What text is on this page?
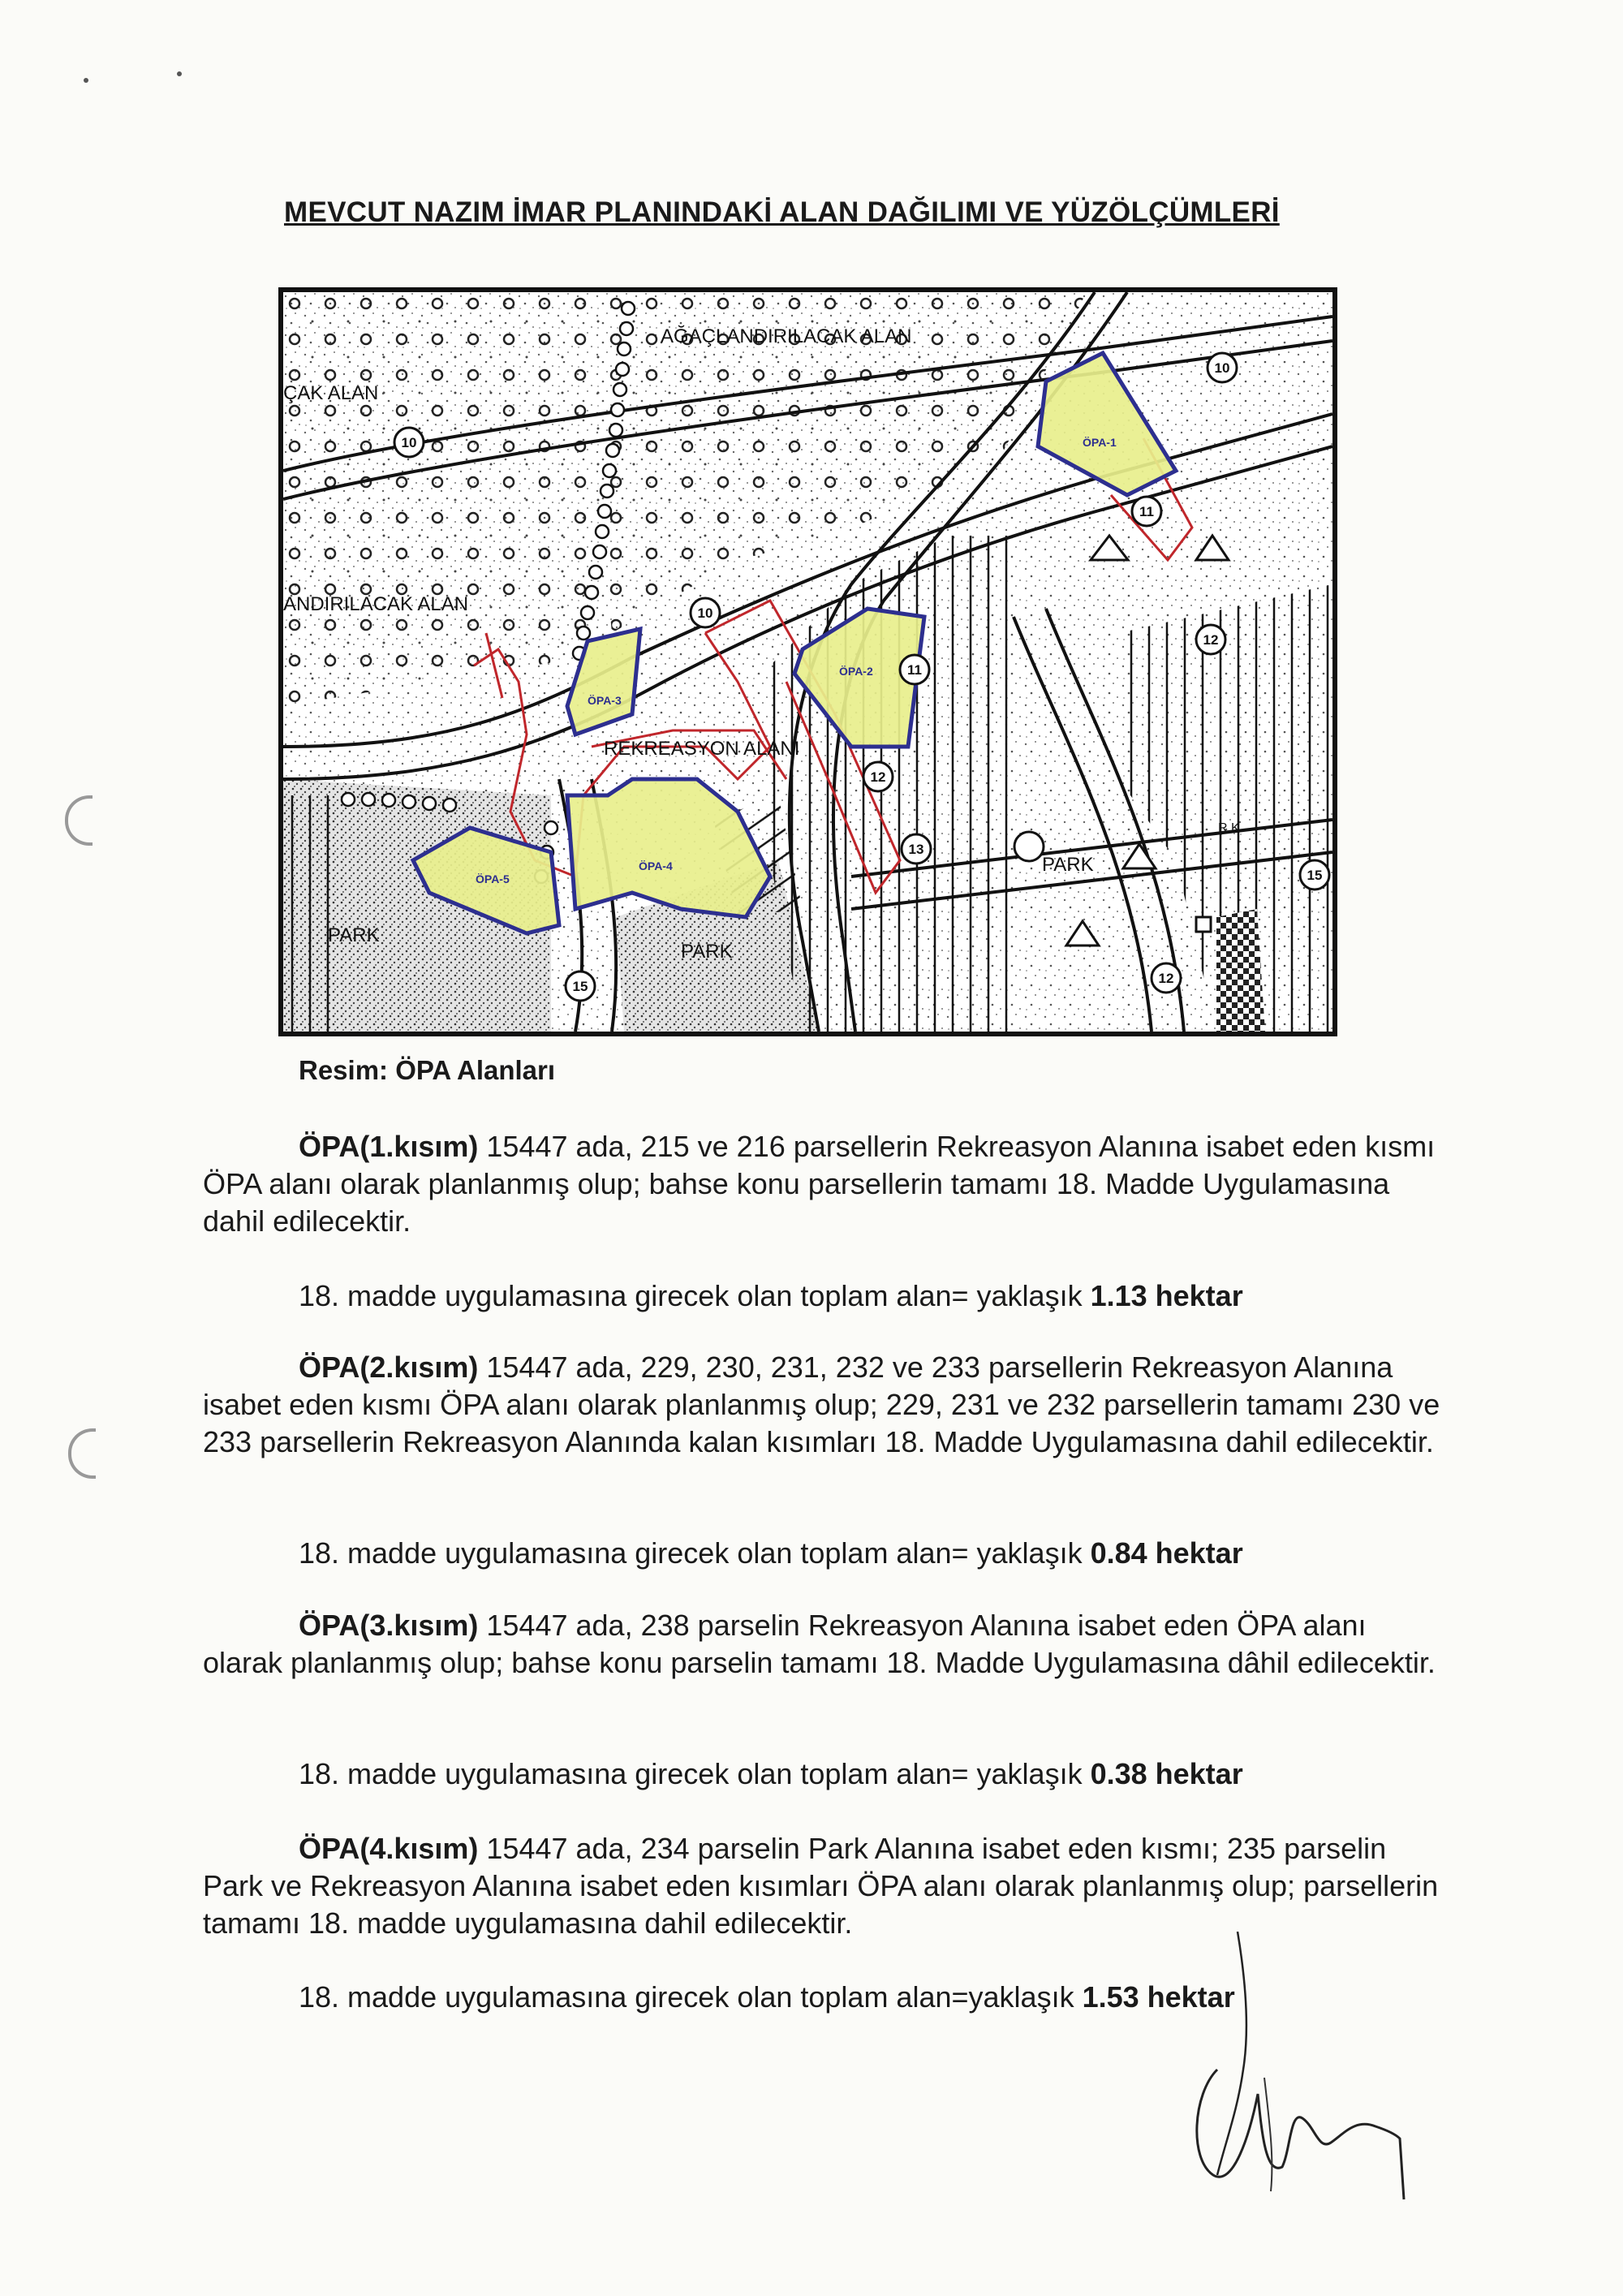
MEVCUT NAZIM İMAR PLANINDAKİ ALAN DAĞILIMI VE YÜZÖLÇÜMLERİ
ÖPA-1
ÖPA-2
ÖPA-3
ÖPA-4
ÖPA-5
10
10
10
11
11
12
12
12
13
15
15
AĞAÇLANDIRILACAK ALAN
ÇAK ALAN
ANDIRILACAK ALAN
REKREASYON ALANI
PARK
PARK
PARK
R.K
Resim: ÖPA Alanları

ÖPA(1.kısım) 15447 ada, 215 ve 216 parsellerin Rekreasyon Alanına isabet eden kısmı ÖPA alanı olarak planlanmış olup; bahse konu parsellerin tamamı 18. Madde Uygulamasına dahil edilecektir.

18. madde uygulamasına girecek olan toplam alan= yaklaşık 1.13 hektar

ÖPA(2.kısım) 15447 ada, 229, 230, 231, 232 ve 233 parsellerin Rekreasyon Alanına isabet eden kısmı ÖPA alanı olarak planlanmış olup; 229, 231 ve 232 parsellerin tamamı 230 ve 233 parsellerin Rekreasyon Alanında kalan kısımları 18. Madde Uygulamasına dahil edilecektir.

18. madde uygulamasına girecek olan toplam alan= yaklaşık 0.84 hektar

ÖPA(3.kısım) 15447 ada, 238 parselin Rekreasyon Alanına isabet eden ÖPA alanı olarak planlanmış olup; bahse konu parselin tamamı 18. Madde Uygulamasına dâhil edilecektir.

18. madde uygulamasına girecek olan toplam alan= yaklaşık 0.38 hektar

ÖPA(4.kısım) 15447 ada, 234 parselin Park Alanına isabet eden kısmı; 235 parselin Park ve Rekreasyon Alanına isabet eden kısımları ÖPA alanı olarak planlanmış olup; parsellerin tamamı 18. madde uygulamasına dahil edilecektir.

18. madde uygulamasına girecek olan toplam alan=yaklaşık 1.53 hektar
